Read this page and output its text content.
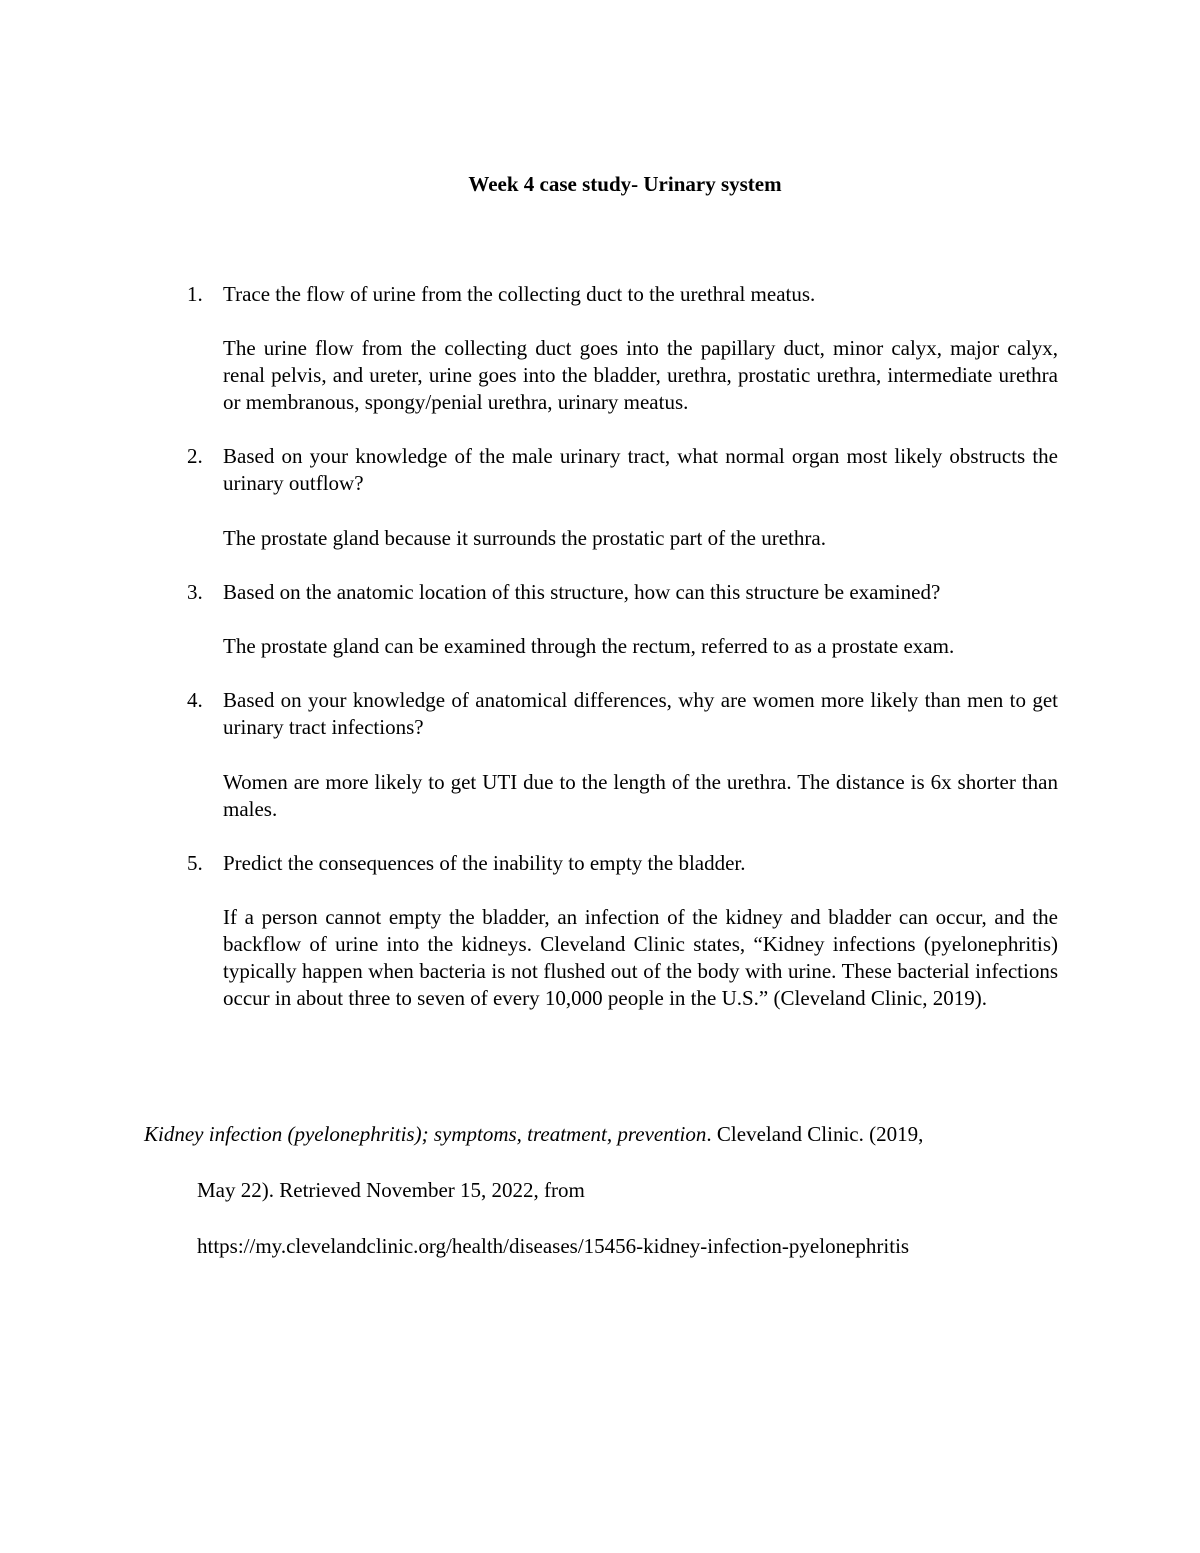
Week 4 case study- Urinary system
1. Trace the flow of urine from the collecting duct to the urethral meatus.
The urine flow from the collecting duct goes into the papillary duct, minor calyx, major calyx, renal pelvis, and ureter, urine goes into the bladder, urethra, prostatic urethra, intermediate urethra or membranous, spongy/penial urethra, urinary meatus.
2. Based on your knowledge of the male urinary tract, what normal organ most likely obstructs the urinary outflow?
The prostate gland because it surrounds the prostatic part of the urethra.
3. Based on the anatomic location of this structure, how can this structure be examined?
The prostate gland can be examined through the rectum, referred to as a prostate exam.
4. Based on your knowledge of anatomical differences, why are women more likely than men to get urinary tract infections?
Women are more likely to get UTI due to the length of the urethra. The distance is 6x shorter than males.
5. Predict the consequences of the inability to empty the bladder.
If a person cannot empty the bladder, an infection of the kidney and bladder can occur, and the backflow of urine into the kidneys. Cleveland Clinic states, “Kidney infections (pyelonephritis) typically happen when bacteria is not flushed out of the body with urine. These bacterial infections occur in about three to seven of every 10,000 people in the U.S.” (Cleveland Clinic, 2019).
Kidney infection (pyelonephritis); symptoms, treatment, prevention. Cleveland Clinic. (2019,
May 22). Retrieved November 15, 2022, from
https://my.clevelandclinic.org/health/diseases/15456-kidney-infection-pyelonephritis
